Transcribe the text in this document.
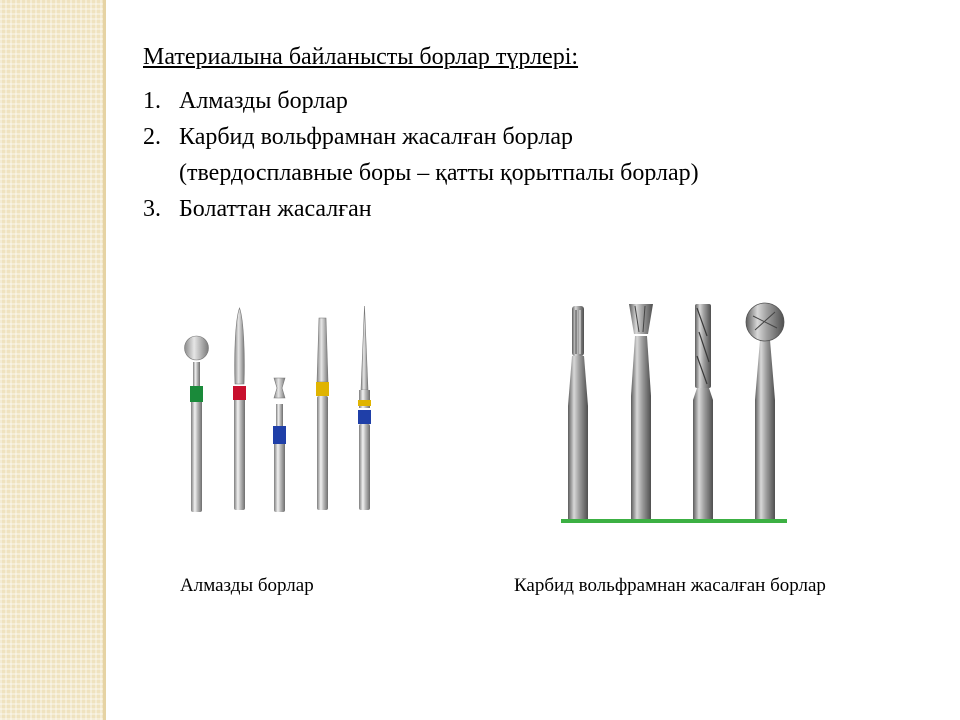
Материалына байланысты борлар түрлері:
1. Алмазды борлар
2. Карбид вольфрамнан жасалған борлар
(твердосплавные боры – қатты қорытпалы борлар)
3. Болаттан жасалған
Алмазды борлар	Карбид вольфрамнан жасалған борлар
